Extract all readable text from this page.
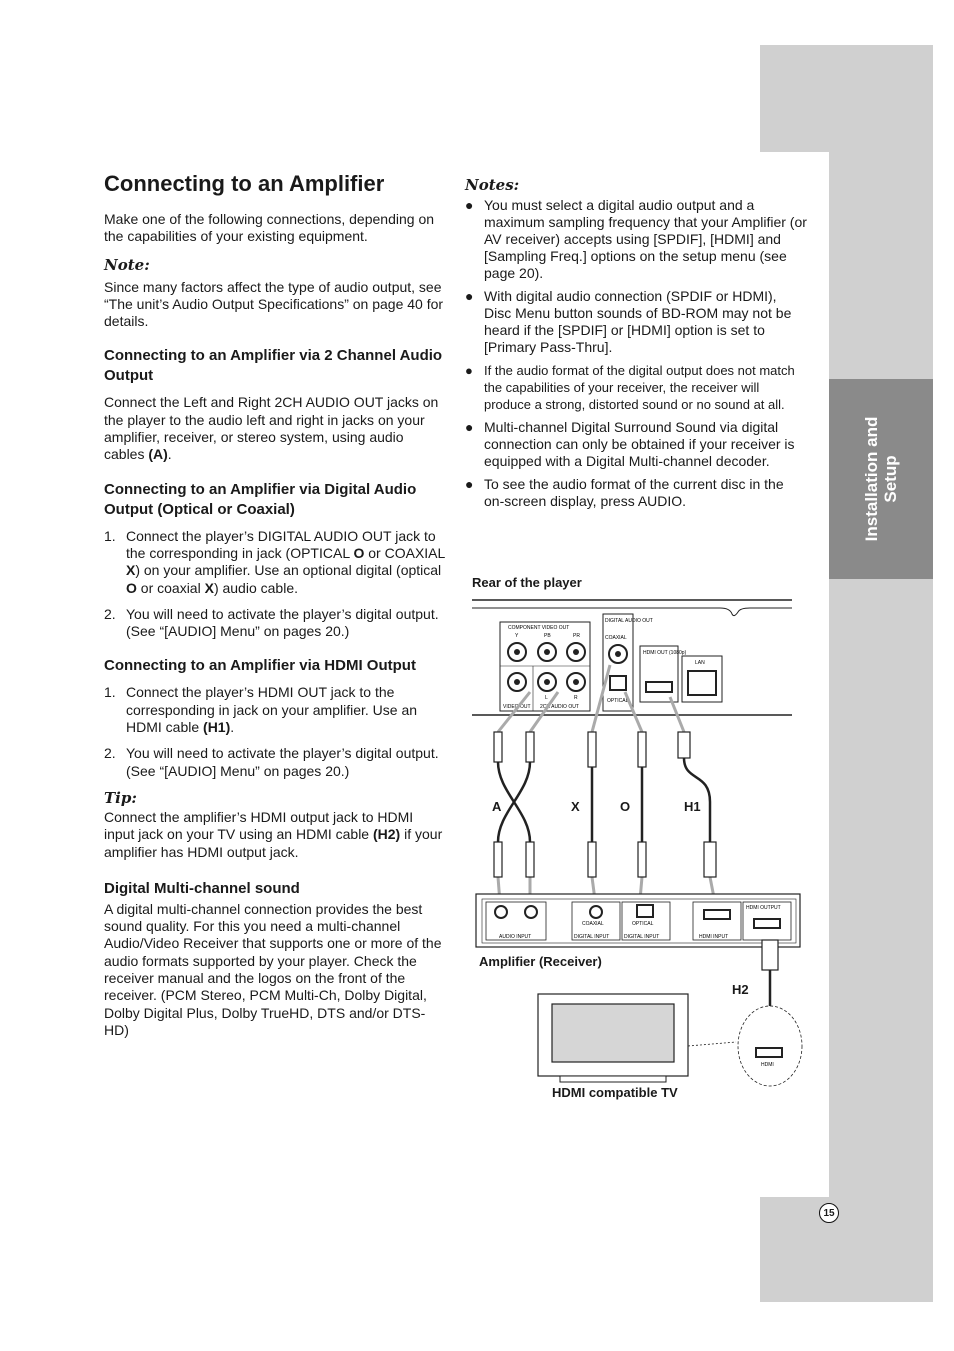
Installation and Setup
15
Connecting to an Amplifier

Make one of the following connections, depending on the capabilities of your existing equipment.

Note:

Since many factors affect the type of audio output, see “The unit’s Audio Output Specifications” on page 40 for details.

Connecting to an Amplifier via 2 Channel Audio Output

Connect the Left and Right 2CH AUDIO OUT jacks on the player to the audio left and right in jacks on your amplifier, receiver, or stereo system, using audio cables (A).

Connecting to an Amplifier via Digital Audio Output (Optical or Coaxial)
1. Connect the player’s DIGITAL AUDIO OUT jack to the corresponding in jack (OPTICAL O or COAXIAL X) on your amplifier. Use an optional digital (optical O or coaxial X) audio cable.
2. You will need to activate the player’s digital output. (See “[AUDIO] Menu” on pages 20.)
Connecting to an Amplifier via HDMI Output
1. Connect the player’s HDMI OUT jack to the corresponding in jack on your amplifier. Use an HDMI cable (H1).
2. You will need to activate the player’s digital output. (See “[AUDIO] Menu” on pages 20.)
Tip:

Connect the amplifier’s HDMI output jack to HDMI input jack on your TV using an HDMI cable (H2) if your amplifier has HDMI output jack.

Digital Multi-channel sound

A digital multi-channel connection provides the best sound quality. For this you need a multi-channel Audio/Video Receiver that supports one or more of the audio formats supported by your player. Check the receiver manual and the logos on the front of the receiver. (PCM Stereo, PCM Multi-Ch, Dolby Digital, Dolby Digital Plus, Dolby TrueHD, DTS and/or DTS-HD)

Notes:
● You must select a digital audio output and a maximum sampling frequency that your Amplifier (or AV receiver) accepts using [SPDIF], [HDMI] and [Sampling Freq.] options on the setup menu (see page 20).
● With digital audio connection (SPDIF or HDMI), Disc Menu button sounds of BD-ROM may not be heard if the [SPDIF] or [HDMI] option is set to [Primary Pass-Thru].
● If the audio format of the digital output does not match the capabilities of your receiver, the receiver will produce a strong, distorted sound or no sound at all.
● Multi-channel Digital Surround Sound via digital connection can only be obtained if your receiver is equipped with a Digital Multi-channel decoder.
● To see the audio format of the current disc in the on-screen display, press AUDIO.
Rear of the player
Amplifier (Receiver)
HDMI compatible TV
A	X	O	H1
H2
COMPONENT VIDEO OUT
Y	PB	PR
L	R
VIDEO OUT 2CH AUDIO OUT
DIGITAL AUDIO OUT
COAXIAL
OPTICAL
HDMI OUT (1080p)
LAN
AUDIO INPUT
COAXIAL
DIGITAL INPUT
OPTICAL
DIGITAL INPUT	HDMI INPUT
HDMI OUTPUT
HDMI
